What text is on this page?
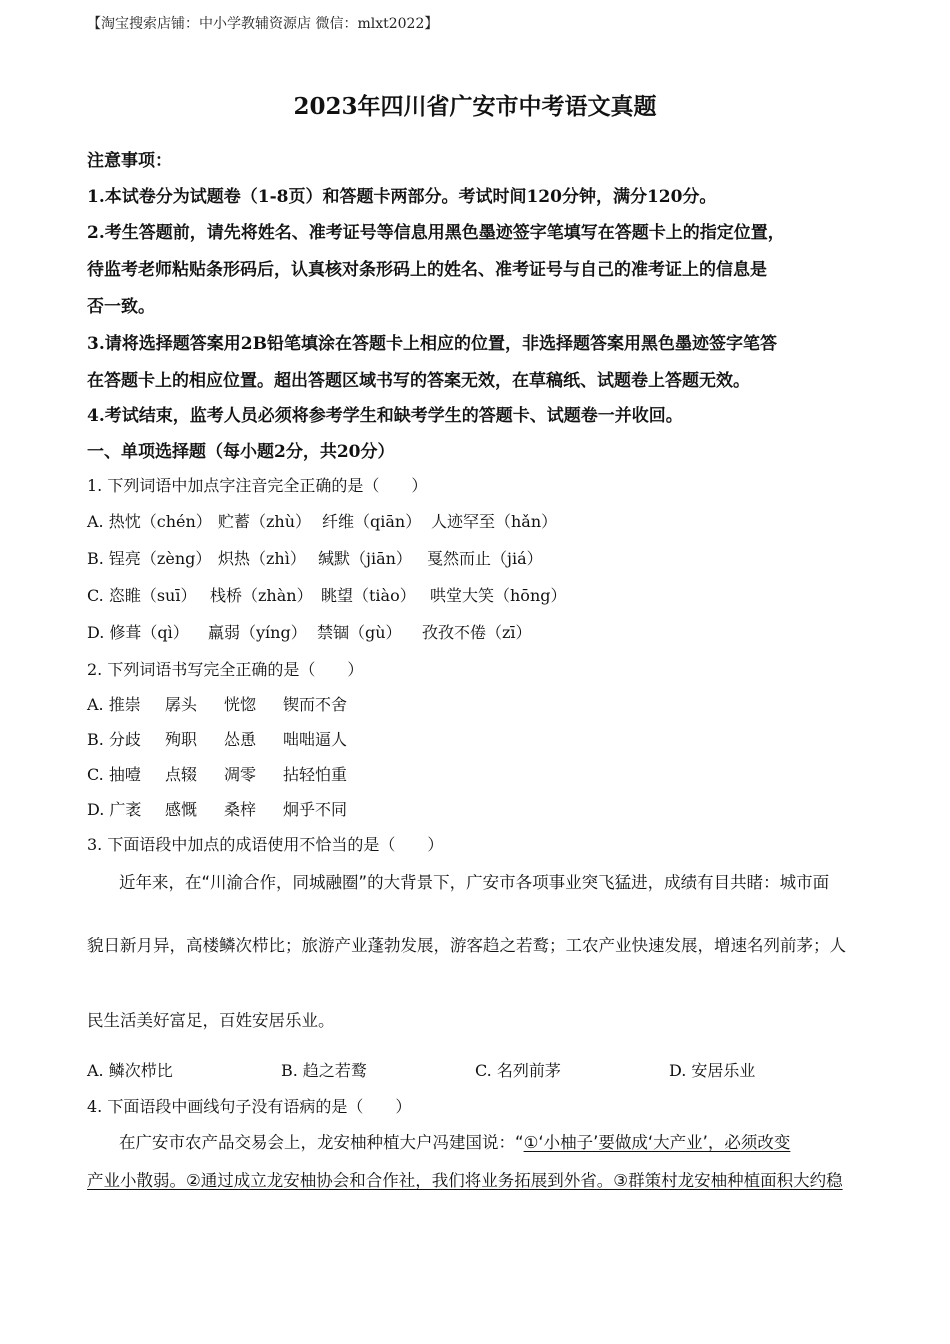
【淘宝搜索店铺：中小学教辅资源店 微信：mlxt2022】
2023年四川省广安市中考语文真题
注意事项：
1.本试卷分为试题卷（1-8页）和答题卡两部分。考试时间120分钟，满分120分。
2.考生答题前，请先将姓名、准考证号等信息用黑色墨迹签字笔填写在答题卡上的指定位置，
待监考老师粘贴条形码后，认真核对条形码上的姓名、准考证号与自己的准考证上的信息是
否一致。
3.请将选择题答案用2B铅笔填涂在答题卡上相应的位置，非选择题答案用黑色墨迹签字笔答
在答题卡上的相应位置。超出答题区域书写的答案无效，在草稿纸、试题卷上答题无效。
4.考试结束，监考人员必须将参考学生和缺考学生的答题卡、试题卷一并收回。
一、单项选择题（每小题2分，共20分）
1. 下列词语中加点字注音完全正确的是（　　）
A. 热忱（chén） 贮蓄（zhù） 纤维（qiān） 人迹罕至（hǎn）
B. 锃亮（zèng） 炽热（zhì） 缄默（jiān） 戛然而止（jiá）
C. 恣睢（suī） 栈桥（zhàn） 眺望（tiào） 哄堂大笑（hōng）
D. 修葺（qì） 羸弱（yíng） 禁锢（gù） 孜孜不倦（zī）
2. 下列词语书写完全正确的是（　　）
A. 推崇 孱头 恍惚 锲而不舍
B. 分歧 殉职 怂恿 咄咄逼人
C. 抽噎 点辍 凋零 拈轻怕重
D. 广袤 感慨 桑梓 炯乎不同
3. 下面语段中加点的成语使用不恰当的是（　　）
近年来，在“川渝合作，同城融圈”的大背景下，广安市各项事业突飞猛进，成绩有目共睹：城市面
貌日新月异，高楼鳞次栉比；旅游产业蓬勃发展，游客趋之若鹜；工农产业快速发展，增速名列前茅；人
民生活美好富足，百姓安居乐业。
A. 鳞次栉比	B. 趋之若鹜	C. 名列前茅	D. 安居乐业
4. 下面语段中画线句子没有语病的是（　　）
在广安市农产品交易会上，龙安柚种植大户冯建国说：“①‘小柚子’要做成‘大产业’，必须改变
产业小散弱。②通过成立龙安柚协会和合作社，我们将业务拓展到外省。③群策村龙安柚种植面积大约稳
